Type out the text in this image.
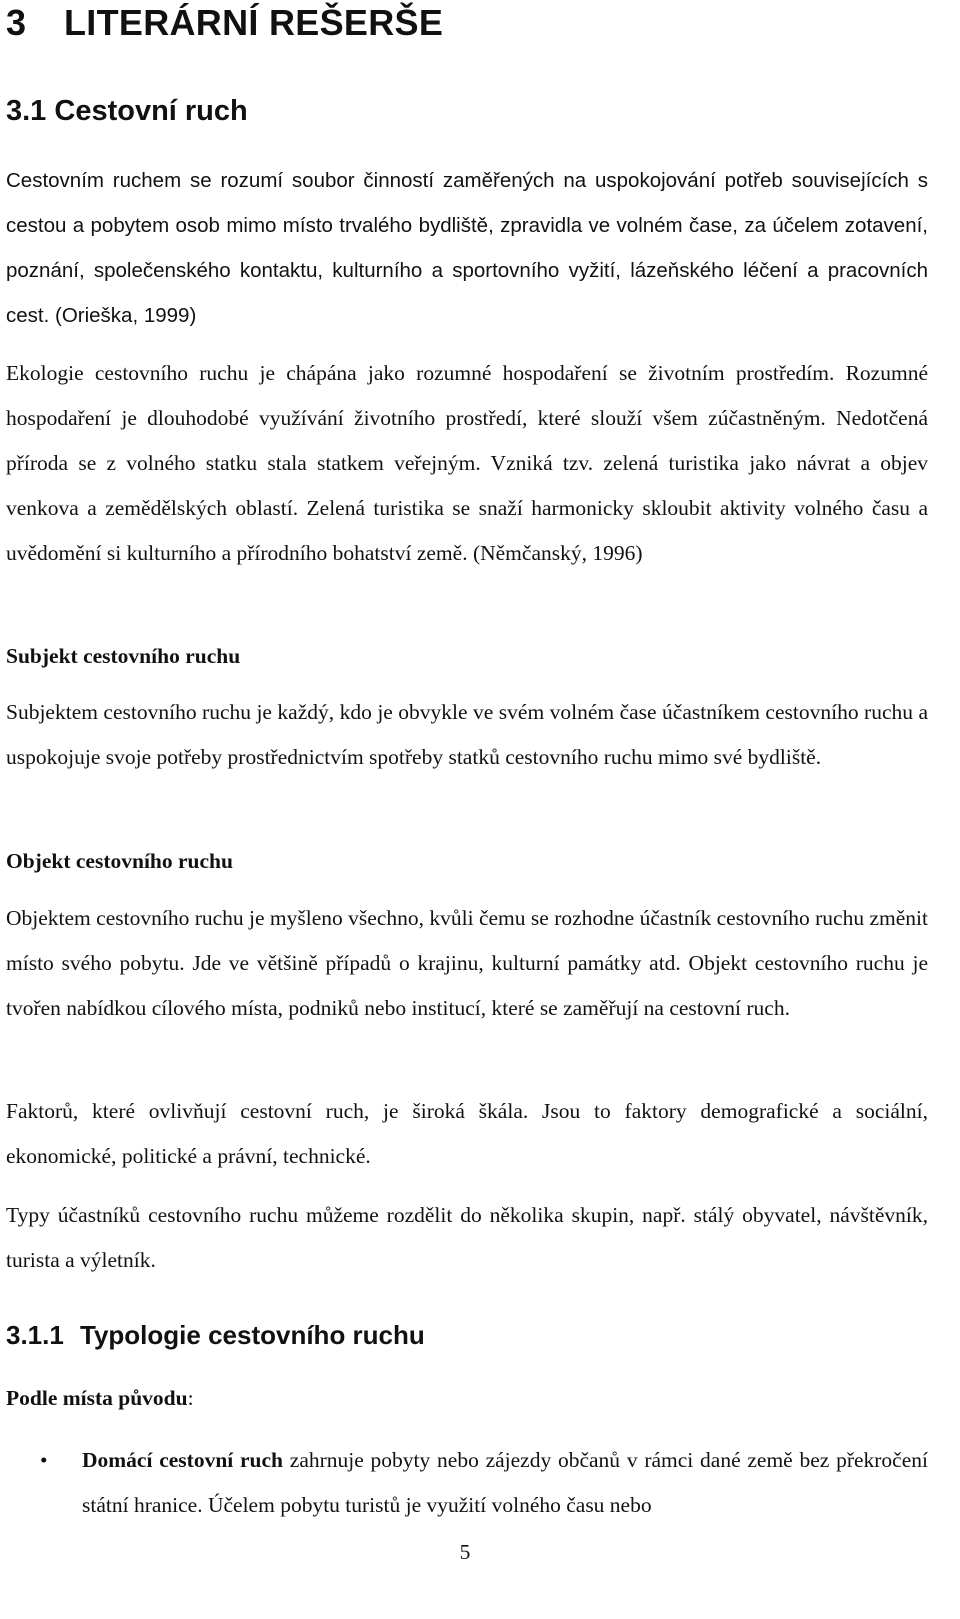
3 LITERÁRNÍ REŠERŠE
3.1 Cestovní ruch

Cestovním ruchem se rozumí soubor činností zaměřených na uspokojování potřeb souvisejících s cestou a pobytem osob mimo místo trvalého bydliště, zpravidla ve volném čase, za účelem zotavení, poznání, společenského kontaktu, kulturního a sportovního vyžití, lázeňského léčení a pracovních cest. (Orieška, 1999)

Ekologie cestovního ruchu je chápána jako rozumné hospodaření se životním prostředím. Rozumné hospodaření je dlouhodobé využívání životního prostředí, které slouží všem zúčastněným. Nedotčená příroda se z volného statku stala statkem veřejným. Vzniká tzv. zelená turistika jako návrat a objev venkova a zemědělských oblastí. Zelená turistika se snaží harmonicky skloubit aktivity volného času a uvědomění si kulturního a přírodního bohatství země. (Němčanský, 1996)

Subjekt cestovního ruchu

Subjektem cestovního ruchu je každý, kdo je obvykle ve svém volném čase účastníkem cestovního ruchu a uspokojuje svoje potřeby prostřednictvím spotřeby statků cestovního ruchu mimo své bydliště.

Objekt cestovního ruchu

Objektem cestovního ruchu je myšleno všechno, kvůli čemu se rozhodne účastník cestovního ruchu změnit místo svého pobytu. Jde ve většině případů o krajinu, kulturní památky atd. Objekt cestovního ruchu je tvořen nabídkou cílového místa, podniků nebo institucí, které se zaměřují na cestovní ruch.

Faktorů, které ovlivňují cestovní ruch, je široká škála. Jsou to faktory demografické a sociální, ekonomické, politické a právní, technické.

Typy účastníků cestovního ruchu můžeme rozdělit do několika skupin, např. stálý obyvatel, návštěvník, turista a výletník.

3.1.1 Typologie cestovního ruchu

Podle místa původu:

• Domácí cestovní ruch zahrnuje pobyty nebo zájezdy občanů v rámci dané země bez překročení státní hranice. Účelem pobytu turistů je využití volného času nebo
5
